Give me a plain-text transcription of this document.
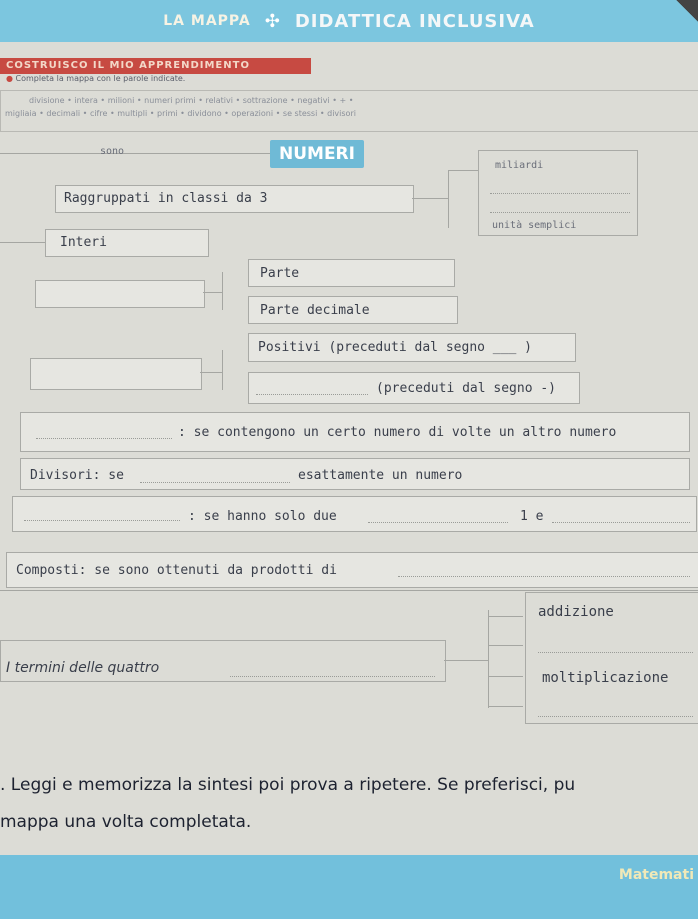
LA MAPPA ✣ DIDATTICA INCLUSIVA
COSTRUISCO IL MIO APPRENDIMENTO
● Completa la mappa con le parole indicate.
divisione • intera • milioni • numeri primi • relativi • sottrazione • negativi • + •
migliaia • decimali • cifre • multipli • primi • dividono • operazioni • se stessi • divisori
sono	NUMERI
miliardi
unità semplici
Raggruppati in classi da 3
Interi
Parte
Parte decimale
Positivi (preceduti dal segno ___ )
(preceduti dal segno -)
: se contengono un certo numero di volte un altro numero
Divisori: se	esattamente un numero
: se hanno solo due	1 e
Composti: se sono ottenuti da prodotti di
I termini delle quattro
addizione
moltiplicazione
. Leggi e memorizza la sintesi poi prova a ripetere. Se preferisci, pu
mappa una volta completata.
Matemati
